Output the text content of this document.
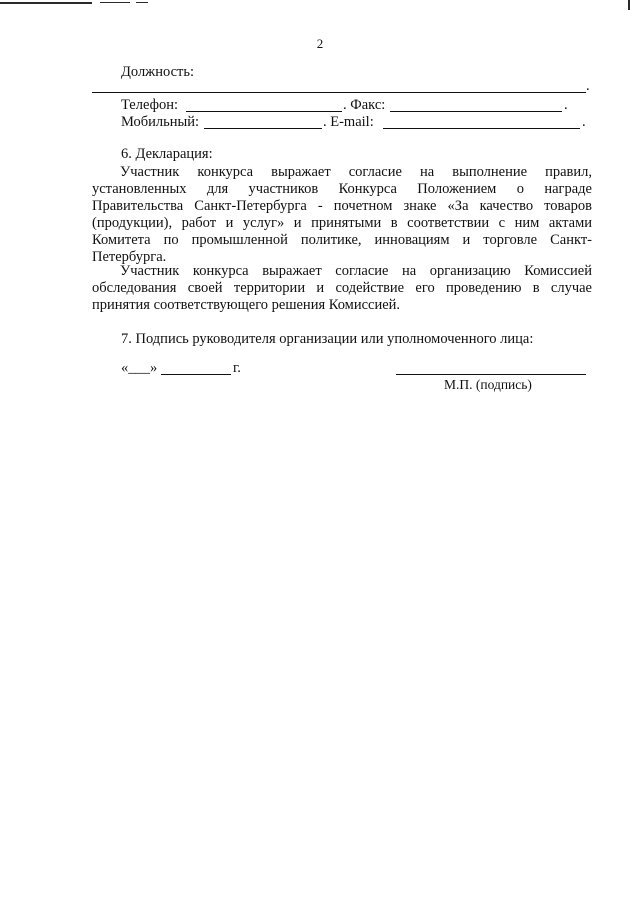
2
Должность:
.
Телефон:	. Факс:	.
Мобильный:	. E-mail:	.
6. Декларация:

Участник конкурса выражает согласие на выполнение правил, установленных для участников Конкурса Положением о награде Правительства Санкт-Петербурга - почетном знаке «За качество товаров (продукции), работ и услуг» и принятыми в соответствии с ним актами Комитета по промышленной политике, инновациям и торговле Санкт-Петербурга.

Участник конкурса выражает согласие на организацию Комиссией обследования своей территории и содействие его проведению в случае принятия соответствующего решения Комиссией.

7. Подпись руководителя организации или уполномоченного лица:
«___»	г.
М.П. (подпись)
